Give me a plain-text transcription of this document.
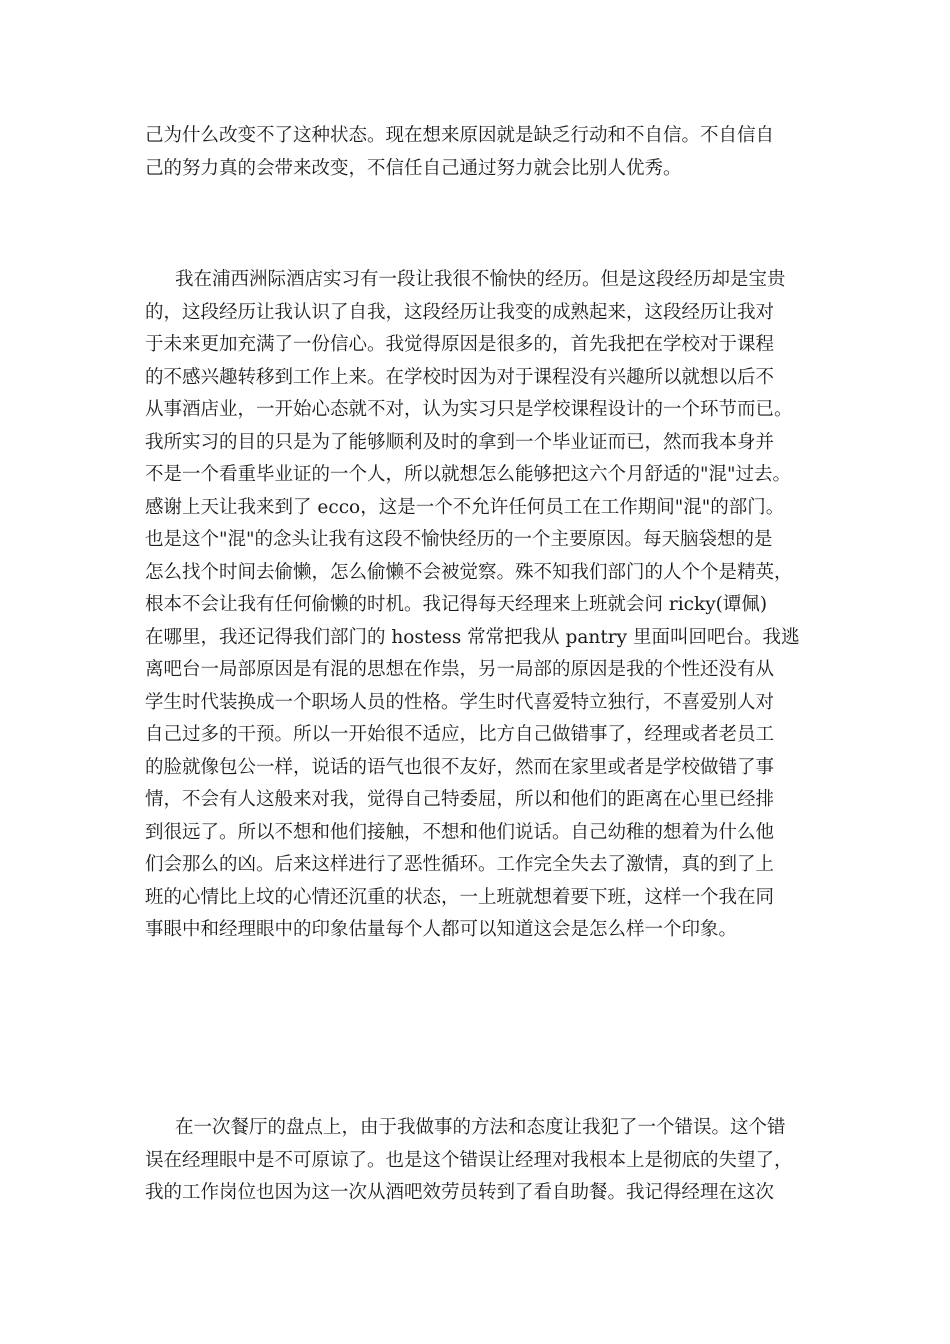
己为什么改变不了这种状态。现在想来原因就是缺乏行动和不自信。不自信自
己的努力真的会带来改变，不信任自己通过努力就会比别人优秀。
我在浦西洲际酒店实习有一段让我很不愉快的经历。但是这段经历却是宝贵
的，这段经历让我认识了自我，这段经历让我变的成熟起来，这段经历让我对
于未来更加充满了一份信心。我觉得原因是很多的，首先我把在学校对于课程
的不感兴趣转移到工作上来。在学校时因为对于课程没有兴趣所以就想以后不
从事酒店业，一开始心态就不对，认为实习只是学校课程设计的一个环节而已。
我所实习的目的只是为了能够顺利及时的拿到一个毕业证而已，然而我本身并
不是一个看重毕业证的一个人，所以就想怎么能够把这六个月舒适的"混"过去。
感谢上天让我来到了 ecco，这是一个不允许任何员工在工作期间"混"的部门。
也是这个"混"的念头让我有这段不愉快经历的一个主要原因。每天脑袋想的是
怎么找个时间去偷懒，怎么偷懒不会被觉察。殊不知我们部门的人个个是精英，
根本不会让我有任何偷懒的时机。我记得每天经理来上班就会问 ricky(谭佩)
在哪里，我还记得我们部门的 hostess 常常把我从 pantry 里面叫回吧台。我逃
离吧台一局部原因是有混的思想在作祟，另一局部的原因是我的个性还没有从
学生时代装换成一个职场人员的性格。学生时代喜爱特立独行，不喜爱别人对
自己过多的干预。所以一开始很不适应，比方自己做错事了，经理或者老员工
的脸就像包公一样，说话的语气也很不友好，然而在家里或者是学校做错了事
情，不会有人这般来对我，觉得自己特委屈，所以和他们的距离在心里已经排
到很远了。所以不想和他们接触，不想和他们说话。自己幼稚的想着为什么他
们会那么的凶。后来这样进行了恶性循环。工作完全失去了激情，真的到了上
班的心情比上坟的心情还沉重的状态，一上班就想着要下班，这样一个我在同
事眼中和经理眼中的印象估量每个人都可以知道这会是怎么样一个印象。
在一次餐厅的盘点上，由于我做事的方法和态度让我犯了一个错误。这个错
误在经理眼中是不可原谅了。也是这个错误让经理对我根本上是彻底的失望了，
我的工作岗位也因为这一次从酒吧效劳员转到了看自助餐。我记得经理在这次
